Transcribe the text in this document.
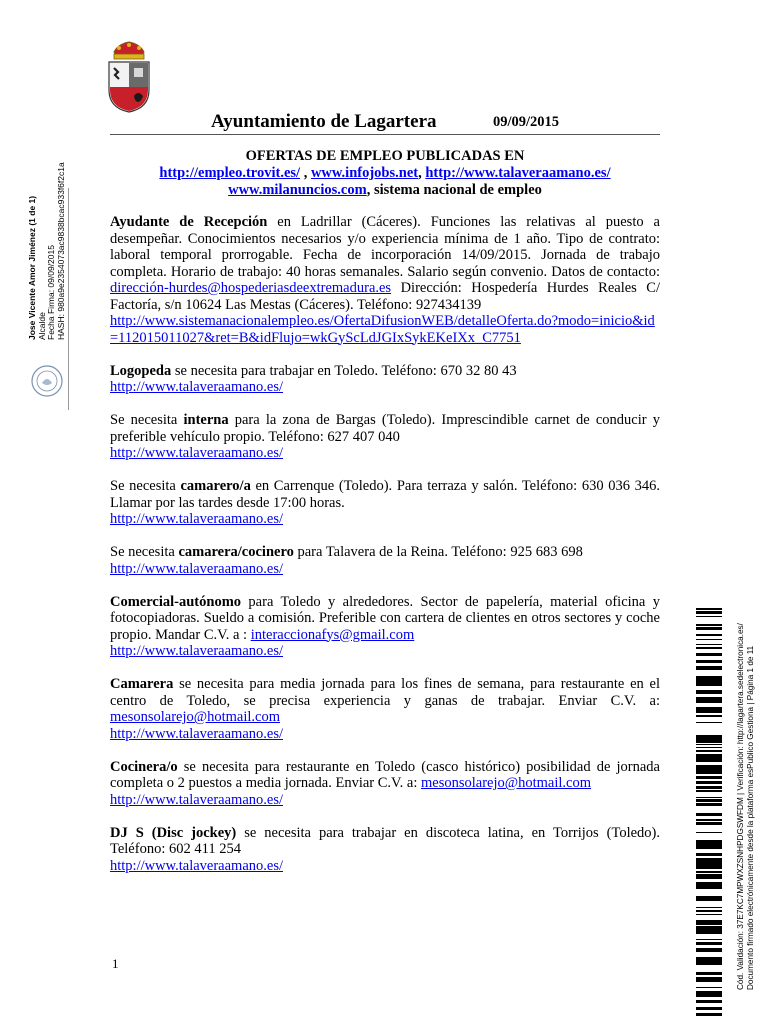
Ayuntamiento de Lagartera	09/09/2015
OFERTAS DE EMPLEO PUBLICADAS EN
http://empleo.trovit.es/ , www.infojobs.net, http://www.talaveraamano.es/
www.milanuncios.com, sistema nacional de empleo
Ayudante de Recepción en Ladrillar (Cáceres). Funciones las relativas al puesto a desempeñar. Conocimientos necesarios y/o experiencia mínima de 1 año. Tipo de contrato: laboral temporal prorrogable. Fecha de incorporación 14/09/2015. Jornada de trabajo completa. Horario de trabajo: 40 horas semanales. Salario según convenio. Datos de contacto: dirección-hurdes@hospederiasdeextremadura.es Dirección: Hospedería Hurdes Reales C/ Factoría, s/n 10624 Las Mestas (Cáceres). Teléfono: 927434139
http://www.sistemanacionalempleo.es/OfertaDifusionWEB/detalleOferta.do?modo=inicio&id=112015011027&ret=B&idFlujo=wkGyScLdJGIxSykEKeIXx_C7751
Logopeda se necesita para trabajar en Toledo. Teléfono: 670 32 80 43
http://www.talaveraamano.es/
Se necesita interna para la zona de Bargas (Toledo). Imprescindible carnet de conducir y preferible vehículo propio. Teléfono: 627 407 040
http://www.talaveraamano.es/
Se necesita camarero/a en Carrenque (Toledo). Para terraza y salón. Teléfono: 630 036 346. Llamar por las tardes desde 17:00 horas.
http://www.talaveraamano.es/
Se necesita camarera/cocinero para Talavera de la Reina. Teléfono: 925 683 698
http://www.talaveraamano.es/
Comercial-autónomo para Toledo y alrededores. Sector de papelería, material oficina y fotocopiadoras. Sueldo a comisión. Preferible con cartera de clientes en otros sectores y coche propio. Mandar C.V. a : interaccionafys@gmail.com
http://www.talaveraamano.es/
Camarera se necesita para media jornada para los fines de semana, para restaurante en el centro de Toledo, se precisa experiencia y ganas de trabajar. Enviar C.V. a: mesonsolarejo@hotmail.com
http://www.talaveraamano.es/
Cocinera/o se necesita para restaurante en Toledo (casco histórico) posibilidad de jornada completa o 2 puestos a media jornada. Enviar C.V. a: mesonsolarejo@hotmail.com
http://www.talaveraamano.es/
DJ S (Disc jockey) se necesita para trabajar en discoteca latina, en Torrijos (Toledo). Teléfono: 602 411 254
http://www.talaveraamano.es/
1
Jose Vicente Amor Jiménez (1 de 1) Alcalde Fecha Firma: 09/09/2015 HASH: 980a9e2354073ac9838bcac933f6f2c1a
Cód. Validación: 37E7KC7MPWXZSNHPDGSWFDM | Verificación: http://lagartera.sedelectronica.es/ Documento firmado electrónicamente desde la plataforma esPublico Gestiona | Página 1 de 11
